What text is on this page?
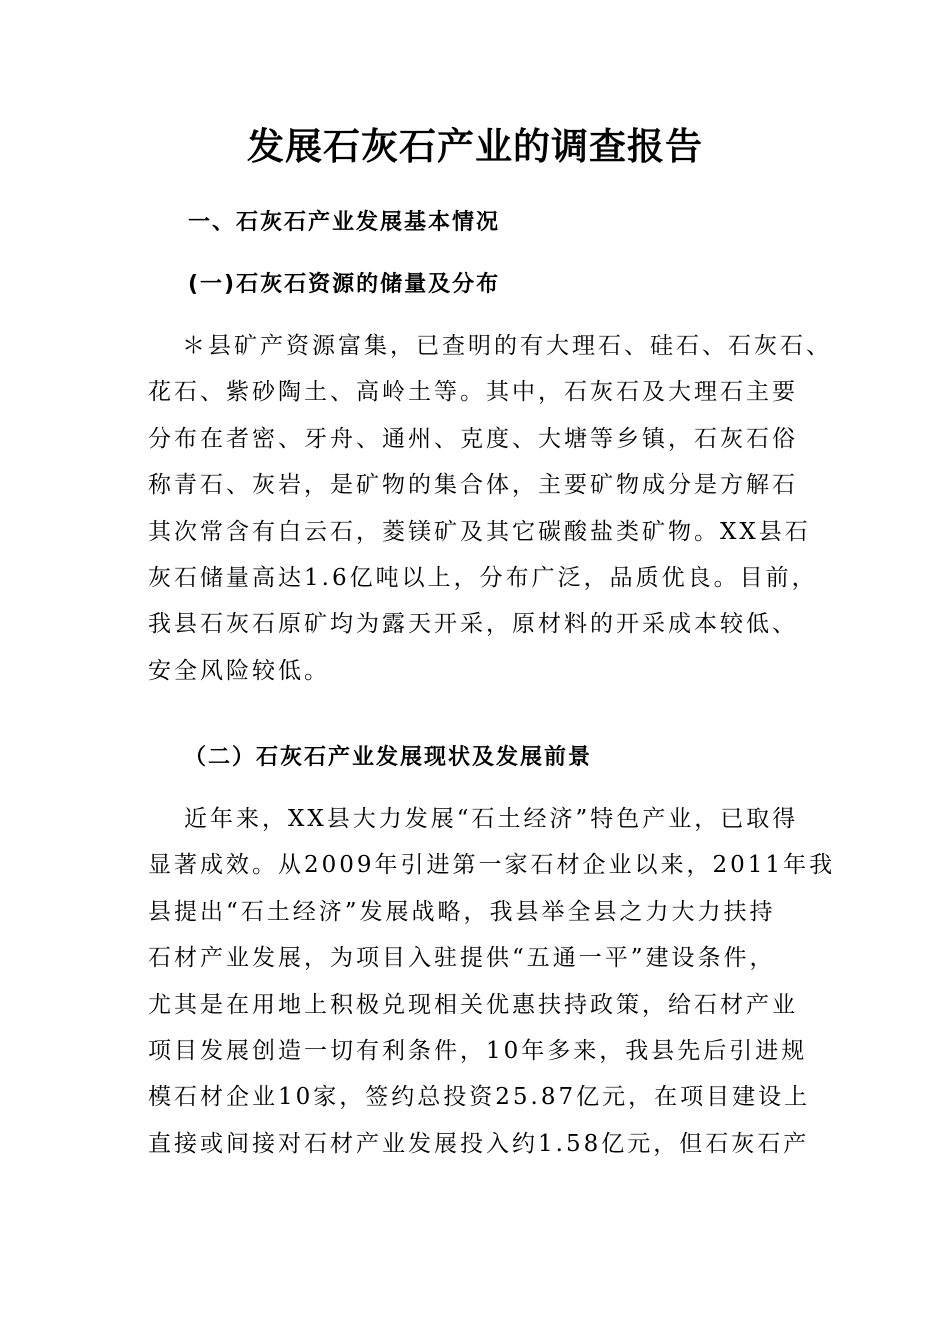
发展石灰石产业的调查报告
一、石灰石产业发展基本情况
(一)石灰石资源的储量及分布
＊县矿产资源富集，已查明的有大理石、硅石、石灰石、
花石、紫砂陶土、高岭土等。其中，石灰石及大理石主要
分布在者密、牙舟、通州、克度、大塘等乡镇，石灰石俗
称青石、灰岩，是矿物的集合体，主要矿物成分是方解石
其次常含有白云石，菱镁矿及其它碳酸盐类矿物。XX县石
灰石储量高达1.6亿吨以上，分布广泛，品质优良。目前，
我县石灰石原矿均为露天开采，原材料的开采成本较低、
安全风险较低。
（二）石灰石产业发展现状及发展前景
近年来，XX县大力发展“石土经济”特色产业，已取得
显著成效。从2009年引进第一家石材企业以来，2011年我
县提出“石土经济”发展战略，我县举全县之力大力扶持
石材产业发展，为项目入驻提供“五通一平”建设条件，
尤其是在用地上积极兑现相关优惠扶持政策，给石材产业
项目发展创造一切有利条件，10年多来，我县先后引进规
模石材企业10家，签约总投资25.87亿元，在项目建设上
直接或间接对石材产业发展投入约1.58亿元，但石灰石产
